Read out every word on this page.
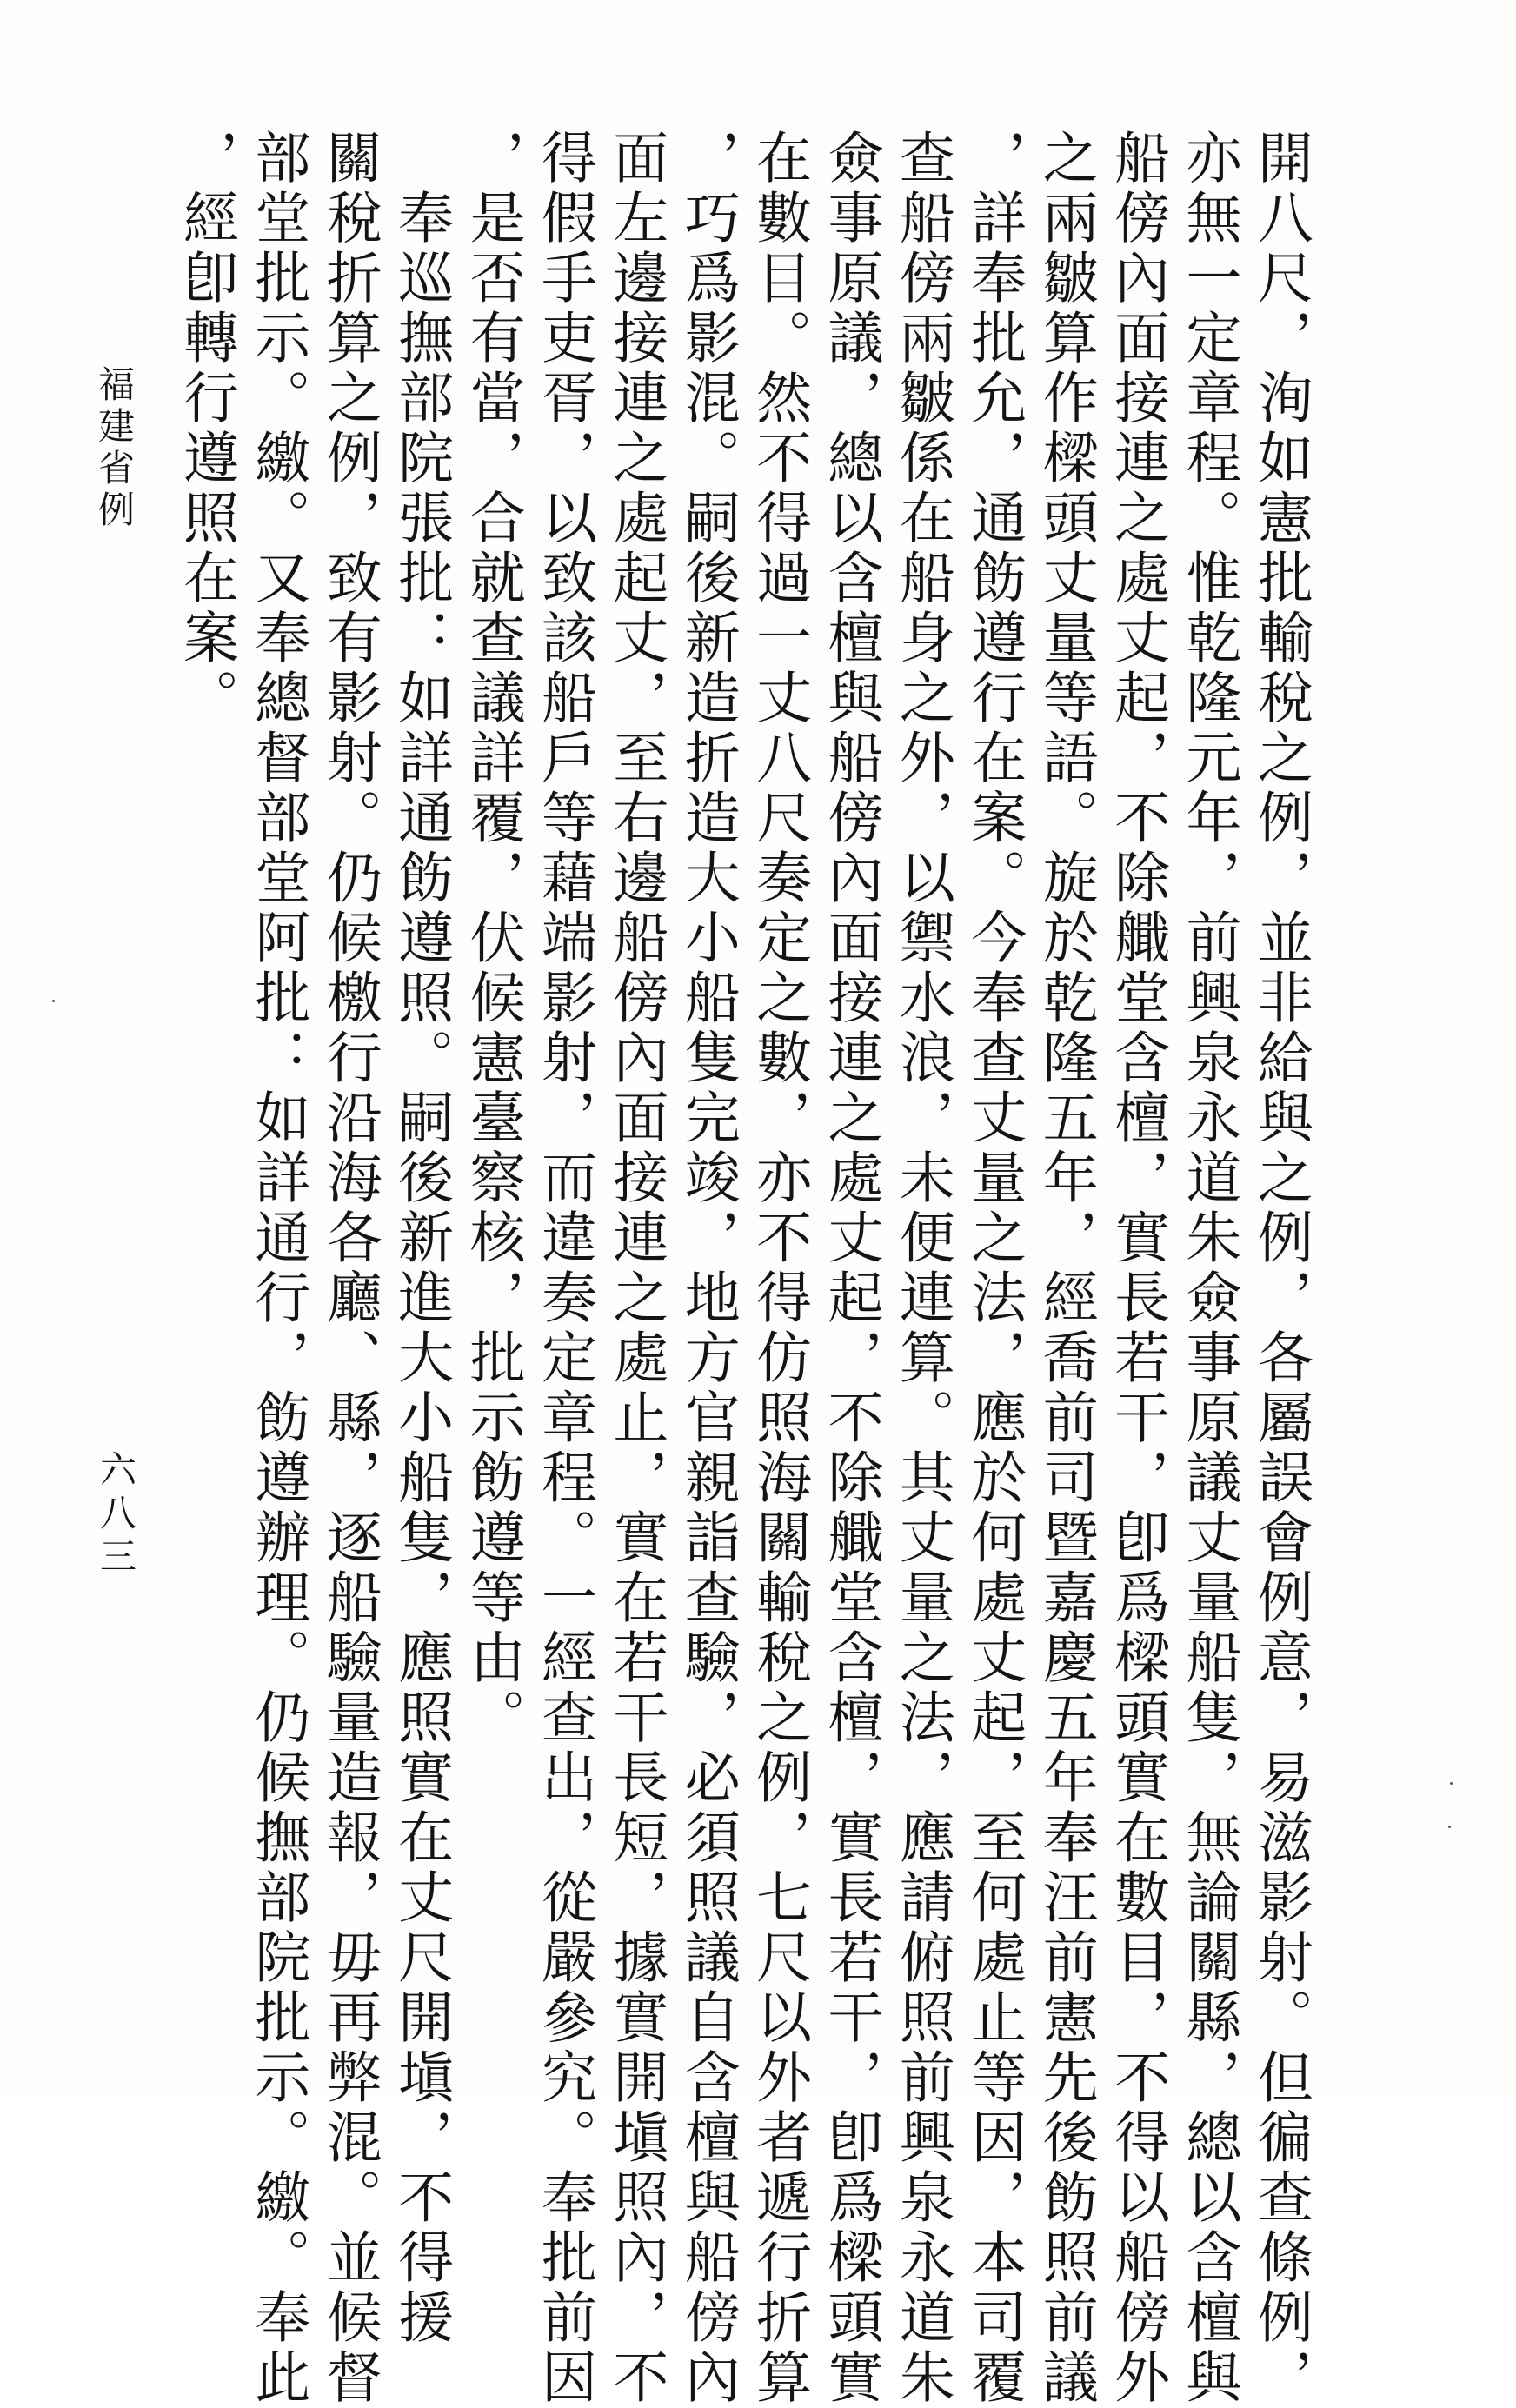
福建省例
六八三	開八尺，洵如憲批輸稅之例，並非給與之例，各屬誤會例意，易滋影射。但徧查條例，
亦無一定章程。惟乾隆元年，前興泉永道朱僉事原議丈量船隻，無論關縣，總以含檀與
船傍內面接連之處丈起，不除艥堂含檀，實長若干，卽爲樑頭實在數目，不得以船傍外
之兩皺算作樑頭丈量等語。旋於乾隆五年，經喬前司暨嘉慶五年奉汪前憲先後飭照前議
，詳奉批允，通飭遵行在案。今奉查丈量之法，應於何處丈起，至何處止等因，本司覆
查船傍兩皺係在船身之外，以禦水浪，未便連算。其丈量之法，應請俯照前興泉永道朱
僉事原議，總以含檀與船傍內面接連之處丈起，不除艥堂含檀，實長若干，卽爲樑頭實
在數目。然不得過一丈八尺奏定之數，亦不得仿照海關輸稅之例，七尺以外者遞行折算
，巧爲影混。嗣後新造折造大小船隻完竣，地方官親詣查驗，必須照議自含檀與船傍內
面左邊接連之處起丈，至右邊船傍內面接連之處止，實在若干長短，據實開塡照內，不
得假手吏胥，以致該船戶等藉端影射，而違奏定章程。一經查出，從嚴參究。奉批前因
，是否有當，合就查議詳覆，伏候憲臺察核，批示飭遵等由。
奉巡撫部院張批：如詳通飭遵照。嗣後新進大小船隻，應照實在丈尺開塡，不得援
關稅折算之例，致有影射。仍候檄行沿海各廳、縣，逐船驗量造報，毋再弊混。並候督
部堂批示。繳。又奉總督部堂阿批：如詳通行，飭遵辦理。仍候撫部院批示。繳。奉此
，經卽轉行遵照在案。
